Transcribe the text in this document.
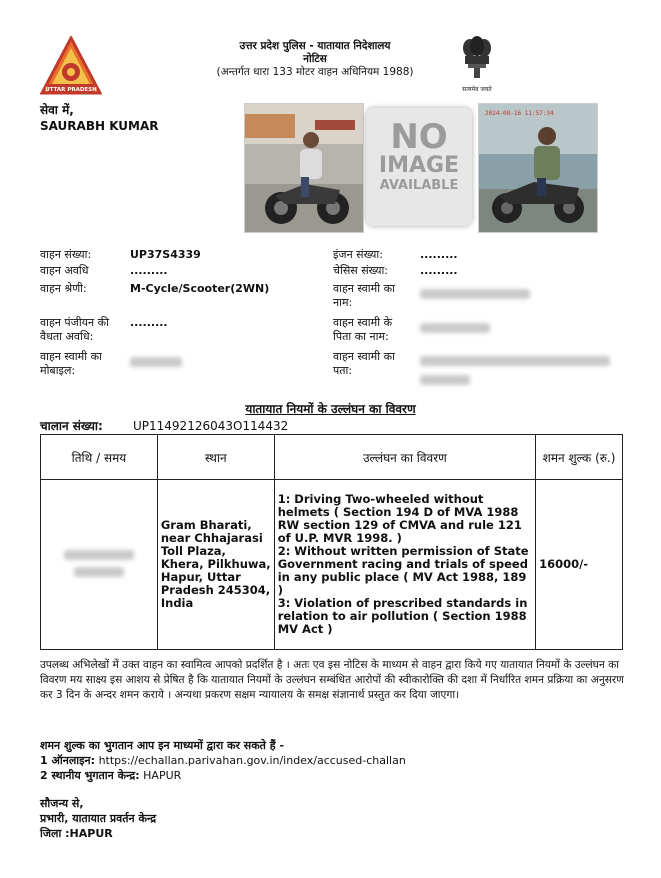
UTTAR PRADESH
उत्तर प्रदेश पुलिस - यातायात निदेशालय
नोटिस
(अन्तर्गत धारा 133 मोटर वाहन अधिनियम 1988)
सत्यमेव जयते
सेवा में,
SAURABH KUMAR	NO
IMAGE
AVAILABLE
2024-08-16 11:57:34
वाहन संख्या:	UP37S4339
वाहन अवधि	.........
वाहन श्रेणी:	M-Cycle/Scooter(2WN)
वाहन पंजीयन की
वैधता अवधि:
.........
वाहन स्वामी का
मोबाइल:
इंजन संख्या:	.........
चेसिस संख्या:	.........
वाहन स्वामी का
नाम:
वाहन स्वामी के
पिता का नाम:
वाहन स्वामी का
पता:

यातायात नियमों के उल्लंघन का विवरण
चालान संख्या:	UP11492126043O114432
तिथि / समय	स्थान	उल्लंघन का विवरण	शमन शुल्क (रु.)

	Gram Bharati, near Chhajarasi Toll Plaza, Khera, Pilkhuwa, Hapur, Uttar Pradesh 245304, India	1: Driving Two-wheeled without helmets ( Section 194 D of MVA 1988 RW section 129 of CMVA and rule 121 of U.P. MVR 1998. )
2: Without written permission of State Government racing and trials of speed in any public place ( MV Act 1988, 189 )
3: Violation of prescribed standards in relation to air pollution ( Section 1988 MV Act )	16000/-
उपलब्ध अभिलेखों में उक्त वाहन का स्वामित्व आपको प्रदर्शित है । अतः एव इस नोटिस के माध्यम से वाहन द्वारा किये गए यातायात नियमों के उल्लंघन का विवरण मय साक्ष्य इस आशय से प्रेषित है कि यातायात नियमों के उल्लंघन सम्बंधित आरोपों की स्वीकारोक्ति की दशा में निर्धारित शमन प्रक्रिया का अनुसरण कर 3 दिन के अन्दर शमन कराये । अन्यथा प्रकरण सक्षम न्यायालय के समक्ष संज्ञानार्थ प्रस्तुत कर दिया जाएगा।
शमन शुल्क का भुगतान आप इन माध्यमों द्वारा कर सकते हैं -
1 ऑनलाइन: https://echallan.parivahan.gov.in/index/accused-challan
2 स्थानीय भुगतान केन्द्र: HAPUR
सौजन्य से,
प्रभारी, यातायात प्रवर्तन केन्द्र
जिला :HAPUR
